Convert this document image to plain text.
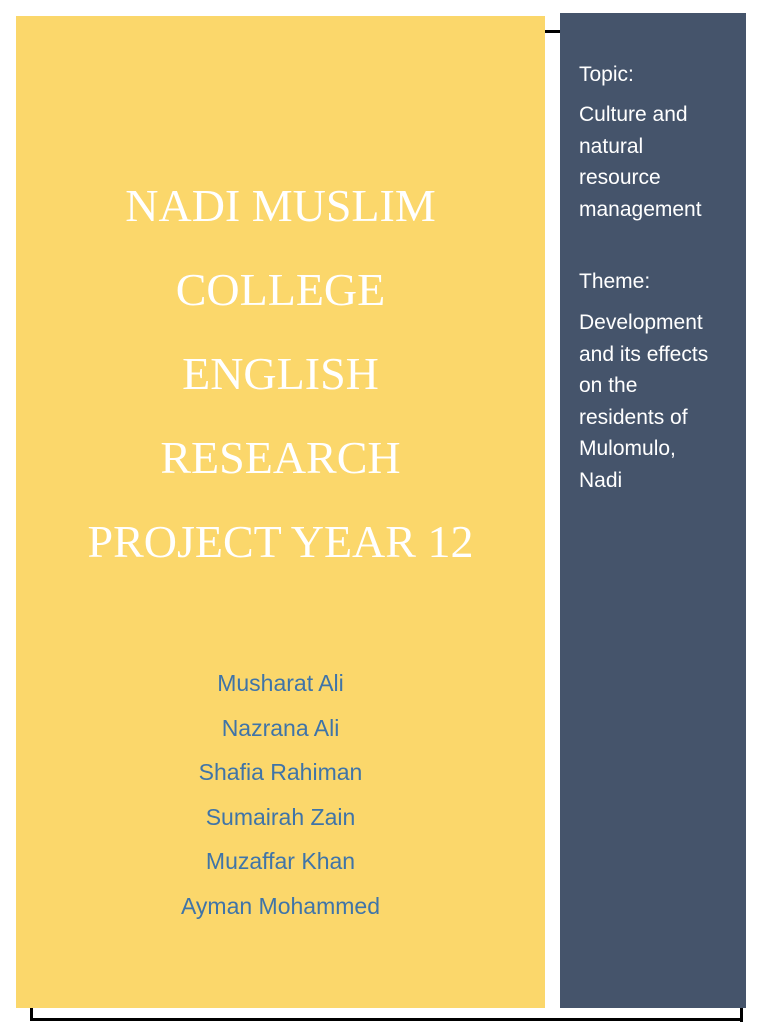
NADI MUSLIM
COLLEGE
ENGLISH
RESEARCH
PROJECT YEAR 12
Musharat Ali
Nazrana Ali
Shafia Rahiman
Sumairah Zain
Muzaffar Khan
Ayman Mohammed

Topic:

Culture and
natural
resource
management

Theme:

Development
and its effects
on the
residents of
Mulomulo,
Nadi
